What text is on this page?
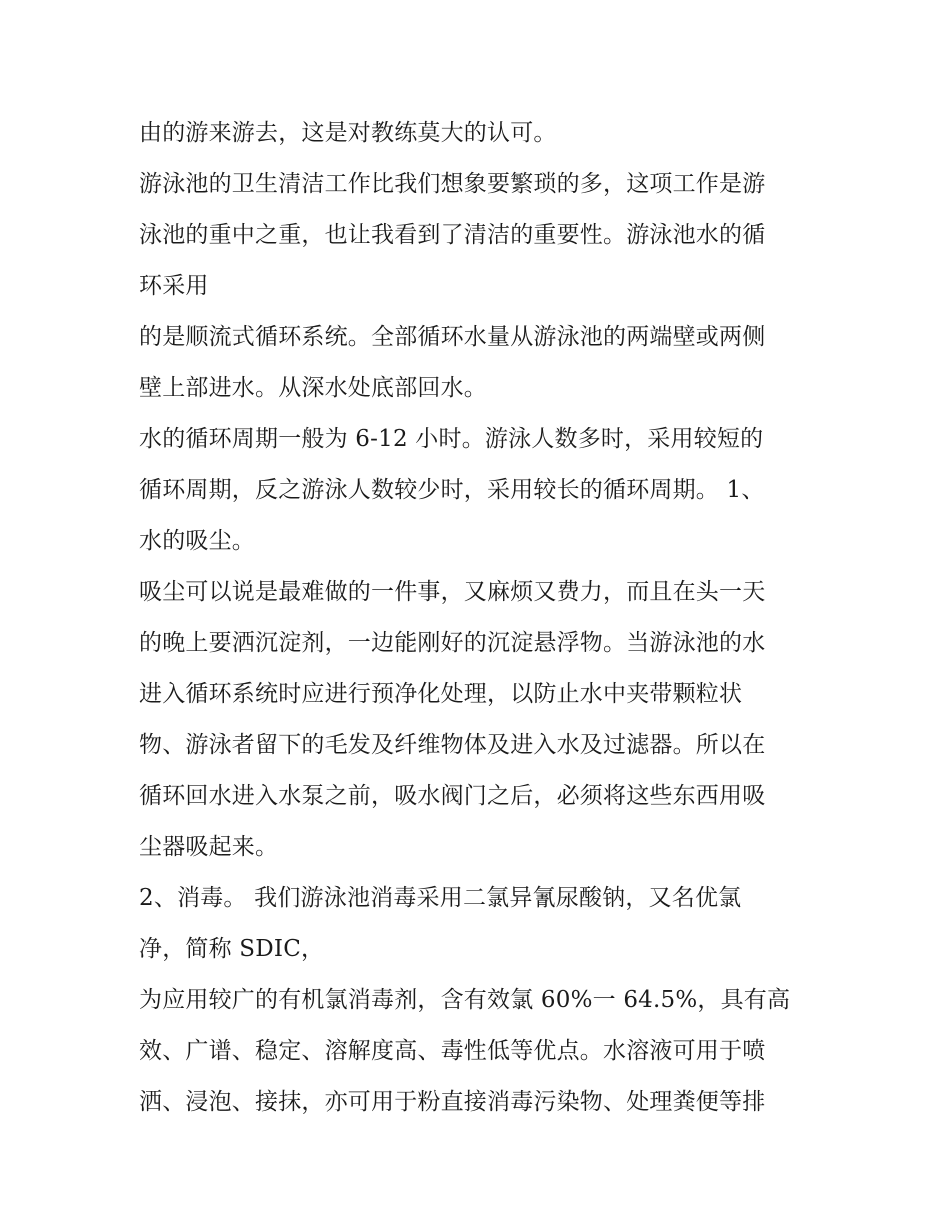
由的游来游去，这是对教练莫大的认可。
游泳池的卫生清洁工作比我们想象要繁琐的多，这项工作是游
泳池的重中之重，也让我看到了清洁的重要性。游泳池水的循
环采用
的是顺流式循环系统。全部循环水量从游泳池的两端壁或两侧
壁上部进水。从深水处底部回水。
水的循环周期一般为 6-12 小时。游泳人数多时，采用较短的
循环周期，反之游泳人数较少时，采用较长的循环周期。 1、
水的吸尘。
吸尘可以说是最难做的一件事，又麻烦又费力，而且在头一天
的晚上要洒沉淀剂，一边能刚好的沉淀悬浮物。当游泳池的水
进入循环系统时应进行预净化处理，以防止水中夹带颗粒状
物、游泳者留下的毛发及纤维物体及进入水及过滤器。所以在
循环回水进入水泵之前，吸水阀门之后，必须将这些东西用吸
尘器吸起来。
2、消毒。 我们游泳池消毒采用二氯异氰尿酸钠，又名优氯
净，简称 SDIC，
为应用较广的有机氯消毒剂，含有效氯 60%一 64.5%，具有高
效、广谱、稳定、溶解度高、毒性低等优点。水溶液可用于喷
洒、浸泡、接抹，亦可用于粉直接消毒污染物、处理粪便等排
